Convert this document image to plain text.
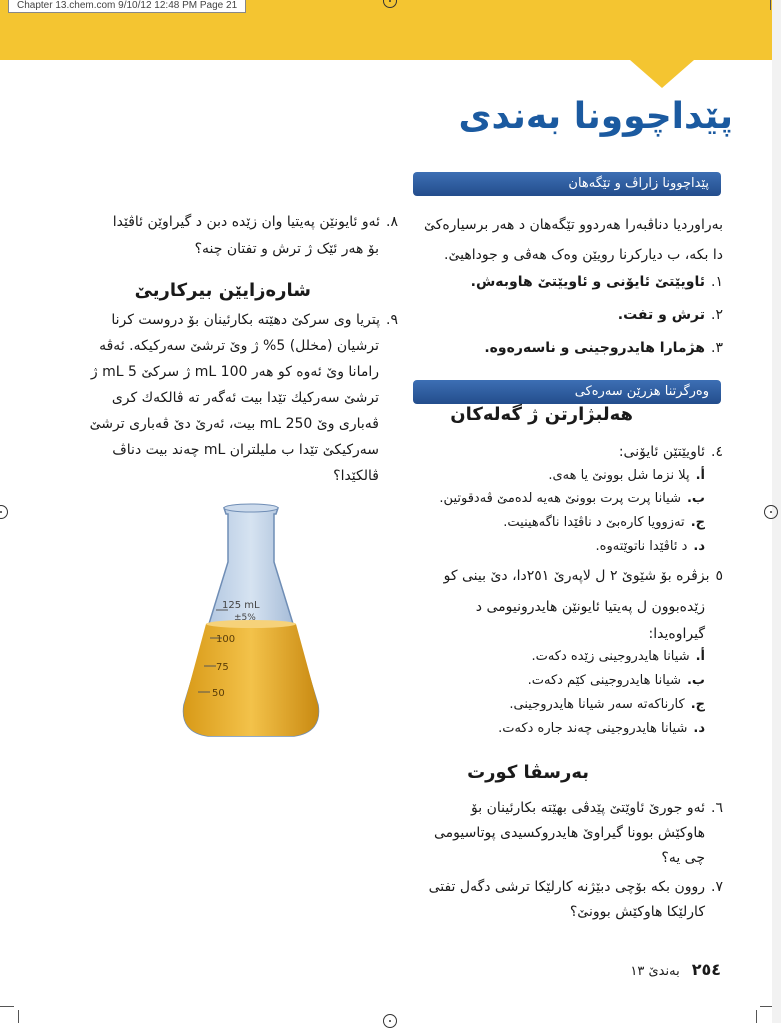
Chapter 13.chem.com 9/10/12 12:48 PM Page 21
پێداچوونا بەندی
پێداچوونا زاراڤ و تێگەهان

بەراوردیا دناڤبەرا هەردوو تێگەهان د هەر برسیارەکێ دا بکە، ب دیارکرنا رویێن وەک هەڤی و جوداهیێ.

١.ئاویێتێ ئایۆنی و ئاویێتێ هاوبەش.
٢.ترش و تفت.
٣.هژمارا هایدروجینی و ناسەرەوە.
وەرگرتنا هزرێن سەرەکی
هەلبژارتن ژ گەلەکان
٤.ئاویێتێن ئایۆنی:
أ.پلا نزما شل بوونێ یا هەی.
ب.شیانا پرت پرت بوونێ هەیە لدەمێ ڤەدقوتین.
ج.تەزوویا کارەبێ د ناڤێدا ناگەهینیت.
د.د ئاڤێدا ناتوێتەوە.
٥بزڤرە بۆ شێوێ ٢ ل لاپەرێ ٢٥١دا، دێ بینی کو
زێدەبوون ل پەیتیا ئایونێن هایدرونیومی د
گیراوەیدا:
أ.شیانا هایدروجینی زێدە دکەت.
ب.شیانا هایدروجینی کێم دکەت.
ج.کارناکەتە سەر شیانا هایدروجینی.
د.شیانا هایدروجینی چەند جارە دکەت.
بەرسڤا کورت
٦.ئەو جورێ ئاوێتێ پێدڤی بهێتە بکارئینان بۆ
هاوکێش بوونا گیراوێ هایدروکسیدی پوتاسیومی
چی یە؟
٧.روون بکە بۆچی دبێژنە کارلێکا ترشی دگەل تفتی
کارلێکا هاوکێش بوونێ؟
٨.ئەو ئایونێن پەیتیا وان زێدە دبن د گیراوێن ئاڤێدا
بۆ هەر ئێک ژ ترش و تفتان چنە؟
شارەزایێن بیرکاریێ
٩.پتریا وی سرکێ دهێتە بکارئینان بۆ دروست کرنا
ترشیان (مخلل) 5% ژ وێ ترشێ سەرکیکە. ئەڤە
رامانا وێ ئەوە کو هەر 100 mL ژ سرکێ 5 mL ژ
ترشێ سەرکیك تێدا بیت ئەگەر تە ڤالکەك کری
ڤەباری وێ 250 mL بیت، ئەرێ دێ ڤەباری ترشێ
سەرکیکێ تێدا ب ملیلتران mL چەند بیت دناڤ
ڤالکێدا؟
125 mL
±5%
100
75
50
٢٥٤بەندێ ١٣
